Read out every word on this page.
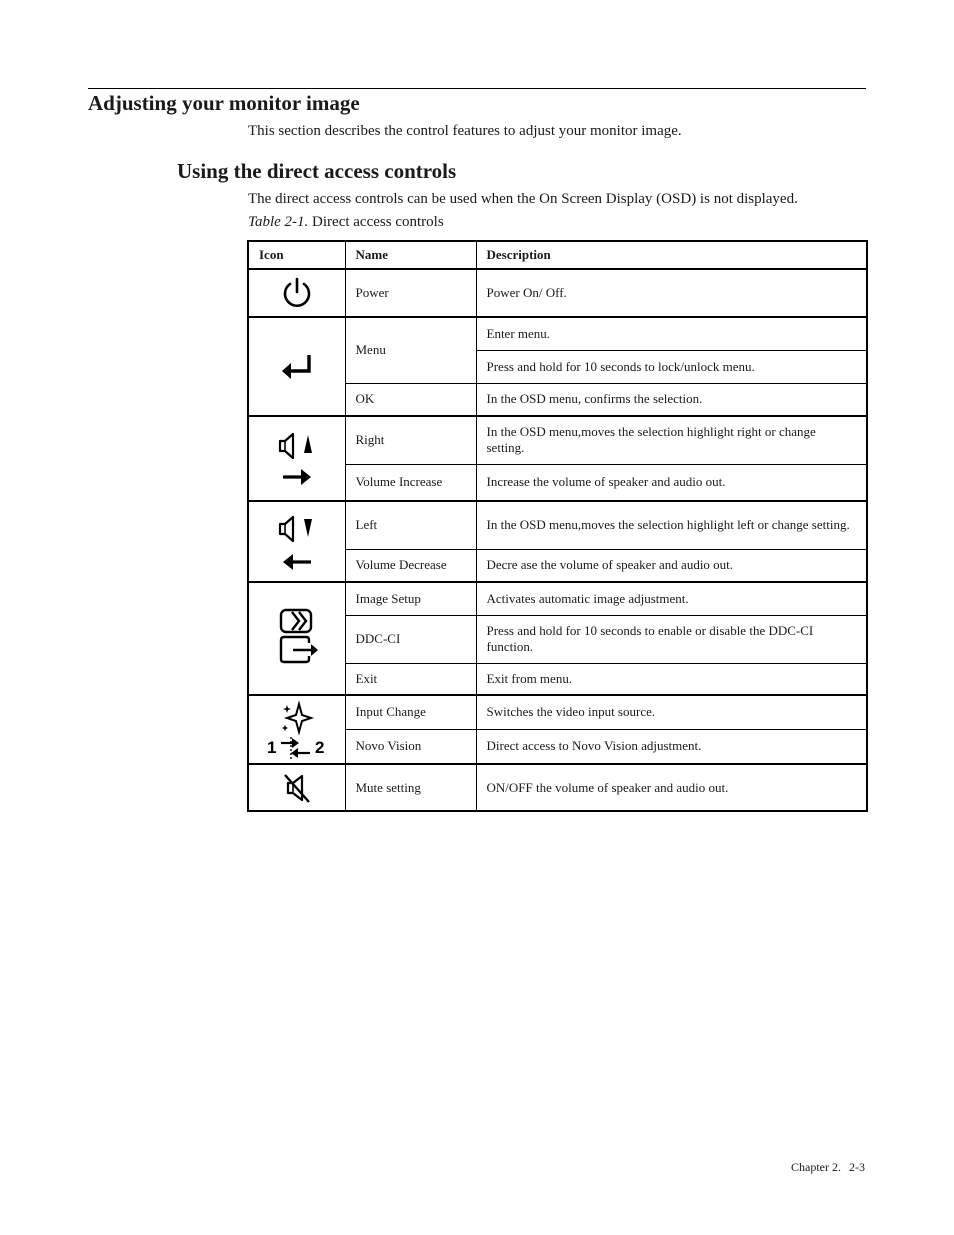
Adjusting your monitor image

This section describes the control features to adjust your monitor image.

Using the direct access controls

The direct access controls can be used when the On Screen Display (OSD) is not displayed.

Table 2-1. Direct access controls

Icon	Name	Description
	Power	Power On/ Off.
	Menu	Enter menu.
		Press and hold for 10 seconds to lock/unlock menu.
	OK	In the OSD menu, confirms the selection.
	Right	In the OSD menu,moves the selection highlight right or change setting.
	Volume Increase	Increase the volume of speaker and audio out.
	Left	In the OSD menu,moves the selection highlight left or change setting.
	Volume Decrease	Decre ase the volume of speaker and audio out.
	Image Setup	Activates automatic image adjustment.
	DDC-CI	Press and hold for 10 seconds to enable or disable the DDC-CI function.
	Exit	Exit from menu.

1 2	Input Change	Switches the video input source.
	Novo Vision	Direct access to Novo Vision adjustment.
	Mute setting	ON/OFF the volume of speaker and audio out.
Chapter 2. 2-3
